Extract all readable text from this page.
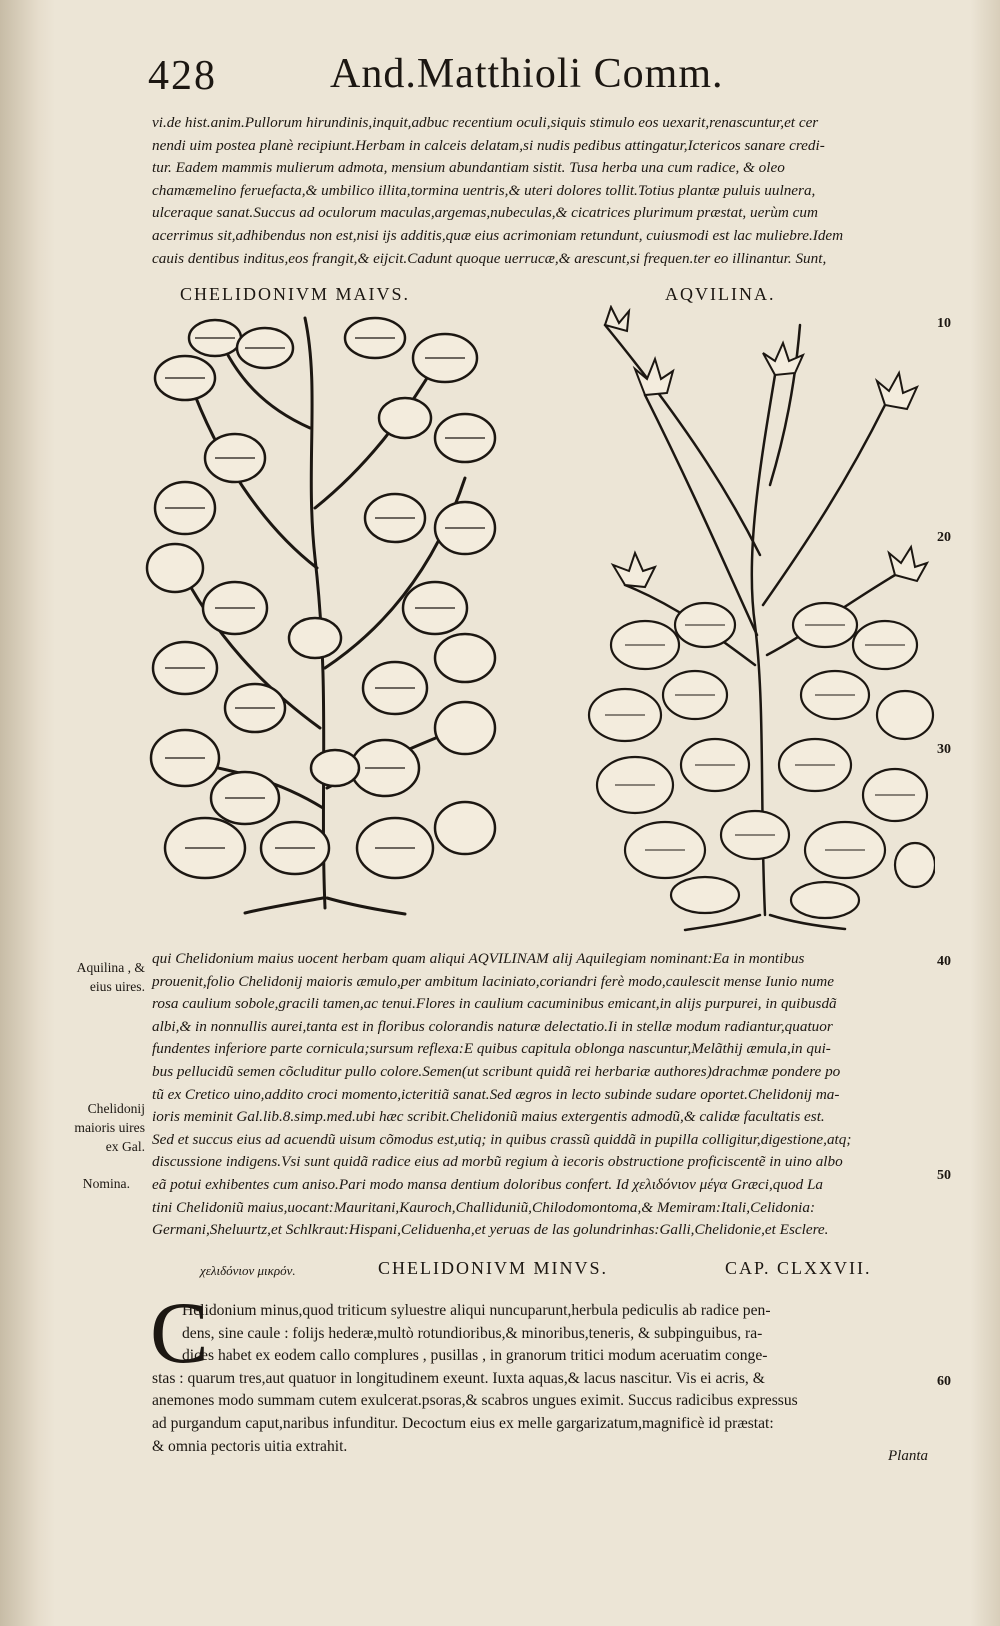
428	And.Matthioli Comm.
vi.de hist.anim.Pullorum hirundinis,inquit,adbuc recentium oculi,siquis stimulo eos uexarit,renascuntur,et cer
nendi uim postea planè recipiunt.Herbam in calceis delatam,si nudis pedibus attingatur,Ictericos sanare credi-
tur. Eadem mammis mulierum admota, mensium abundantiam sistit. Tusa herba una cum radice, & oleo
chamæmelino feruefacta,& umbilico illita,tormina uentris,& uteri dolores tollit.Totius plantæ puluis uulnera,
ulceraque sanat.Succus ad oculorum maculas,argemas,nubeculas,& cicatrices plurimum præstat, uerùm cum
acerrimus sit,adhibendus non est,nisi ijs additis,quæ eius acrimoniam retundunt, cuiusmodi est lac muliebre.Idem
cauis dentibus inditus,eos frangit,& eijcit.Cadunt quoque uerrucæ,& arescunt,si frequen.ter eo illinantur. Sunt,
CHELIDONIVM MAIVS.	AQVILINA.
10
20
30
40
50
60
Aquilina , &
eius uires.
Chelidonij
maioris uires
ex Gal.
Nomina.
qui Chelidonium maius uocent herbam quam aliqui AQVILINAM alij Aquilegiam nominant:Ea in montibus
prouenit,folio Chelidonij maioris æmulo,per ambitum laciniato,coriandri ferè modo,caulescit mense Iunio nume
rosa caulium sobole,gracili tamen,ac tenui.Flores in caulium cacuminibus emicant,in alijs purpurei, in quibusdã
albi,& in nonnullis aurei,tanta est in floribus colorandis naturæ delectatio.Ii in stellæ modum radiantur,quatuor
fundentes inferiore parte cornicula;sursum reflexa:E quibus capitula oblonga nascuntur,Melãthij æmula,in qui-
bus pellucidũ semen cõcluditur pullo colore.Semen(ut scribunt quidã rei herbariæ authores)drachmæ pondere po
tũ ex Cretico uino,addito croci momento,icteritiã sanat.Sed ægros in lecto subinde sudare oportet.Chelidonij ma-
ioris meminit Gal.lib.8.simp.med.ubi hæc scribit.Chelidoniũ maius extergentis admodũ,& calidæ facultatis est.
Sed et succus eius ad acuendũ uisum cõmodus est,utiq; in quibus crassũ quiddã in pupilla colligitur,digestione,atq;
discussione indigens.Vsi sunt quidã radice eius ad morbũ regium à iecoris obstructione proficiscentẽ in uino albo
eã potui exhibentes cum aniso.Pari modo mansa dentium doloribus confert. Id χελιδόνιον μέγα Græci,quod La
tini Chelidoniũ maius,uocant:Mauritani,Kauroch,Challiduniũ,Chilodomontoma,& Memiram:Itali,Celidonia:
Germani,Sheluurtz,et Schlkraut:Hispani,Celiduenha,et yeruas de las golundrinhas:Galli,Chelidonie,et Esclere.
χελιδόνιον μικρόν.	CHELIDONIVM MINVS.	CAP. CLXXVII.
C
Helidonium minus,quod triticum syluestre aliqui nuncuparunt,herbula pediculis ab radice pen-
dens, sine caule : folijs hederæ,multò rotundioribus,& minoribus,teneris, & subpinguibus, ra-
dices habet ex eodem callo complures , pusillas , in granorum tritici modum aceruatim conge-
stas : quarum tres,aut quatuor in longitudinem exeunt. Iuxta aquas,& lacus nascitur. Vis ei acris, &
anemones modo summam cutem exulcerat.psoras,& scabros ungues eximit. Succus radicibus expressus
ad purgandum caput,naribus infunditur. Decoctum eius ex melle gargarizatum,magnificè id præstat:
& omnia pectoris uitia extrahit.
Planta
